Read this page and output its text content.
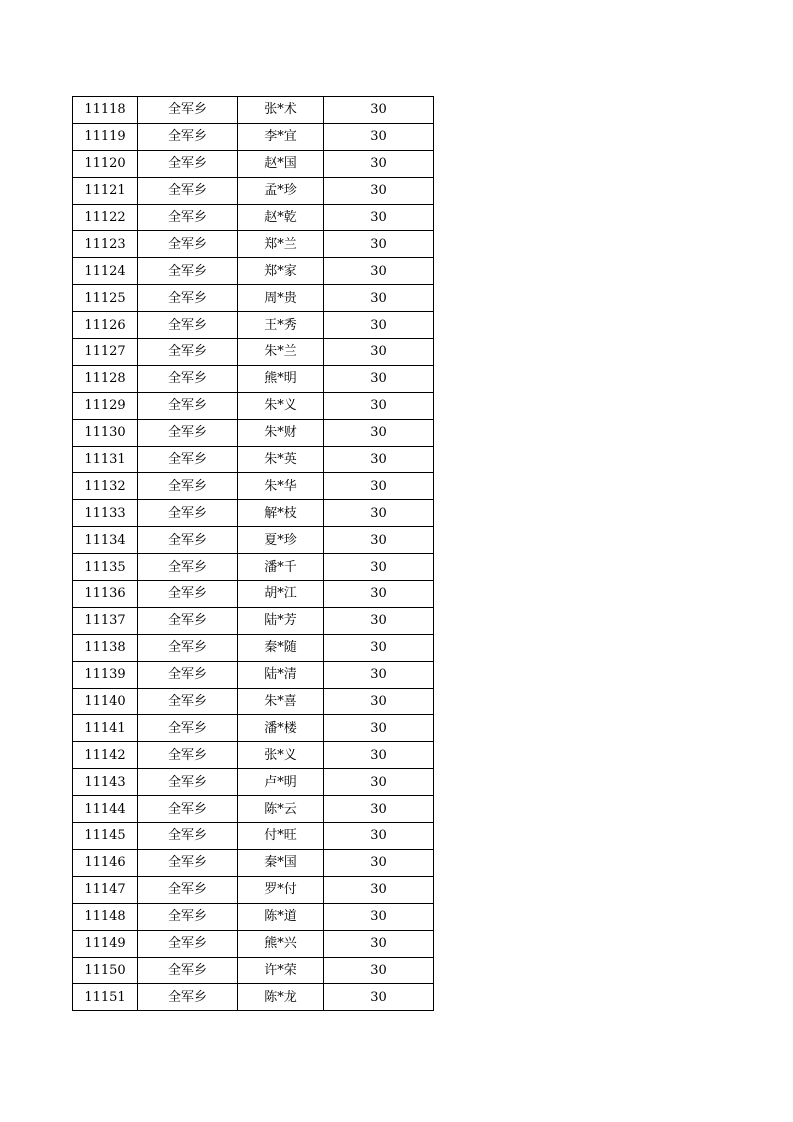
11118	全军乡	张*术	30
11119	全军乡	李*宜	30
11120	全军乡	赵*国	30
11121	全军乡	孟*珍	30
11122	全军乡	赵*乾	30
11123	全军乡	郑*兰	30
11124	全军乡	郑*家	30
11125	全军乡	周*贵	30
11126	全军乡	王*秀	30
11127	全军乡	朱*兰	30
11128	全军乡	熊*明	30
11129	全军乡	朱*义	30
11130	全军乡	朱*财	30
11131	全军乡	朱*英	30
11132	全军乡	朱*华	30
11133	全军乡	解*枝	30
11134	全军乡	夏*珍	30
11135	全军乡	潘*千	30
11136	全军乡	胡*江	30
11137	全军乡	陆*芳	30
11138	全军乡	秦*随	30
11139	全军乡	陆*清	30
11140	全军乡	朱*喜	30
11141	全军乡	潘*楼	30
11142	全军乡	张*义	30
11143	全军乡	卢*明	30
11144	全军乡	陈*云	30
11145	全军乡	付*旺	30
11146	全军乡	秦*国	30
11147	全军乡	罗*付	30
11148	全军乡	陈*道	30
11149	全军乡	熊*兴	30
11150	全军乡	许*荣	30
11151	全军乡	陈*龙	30
